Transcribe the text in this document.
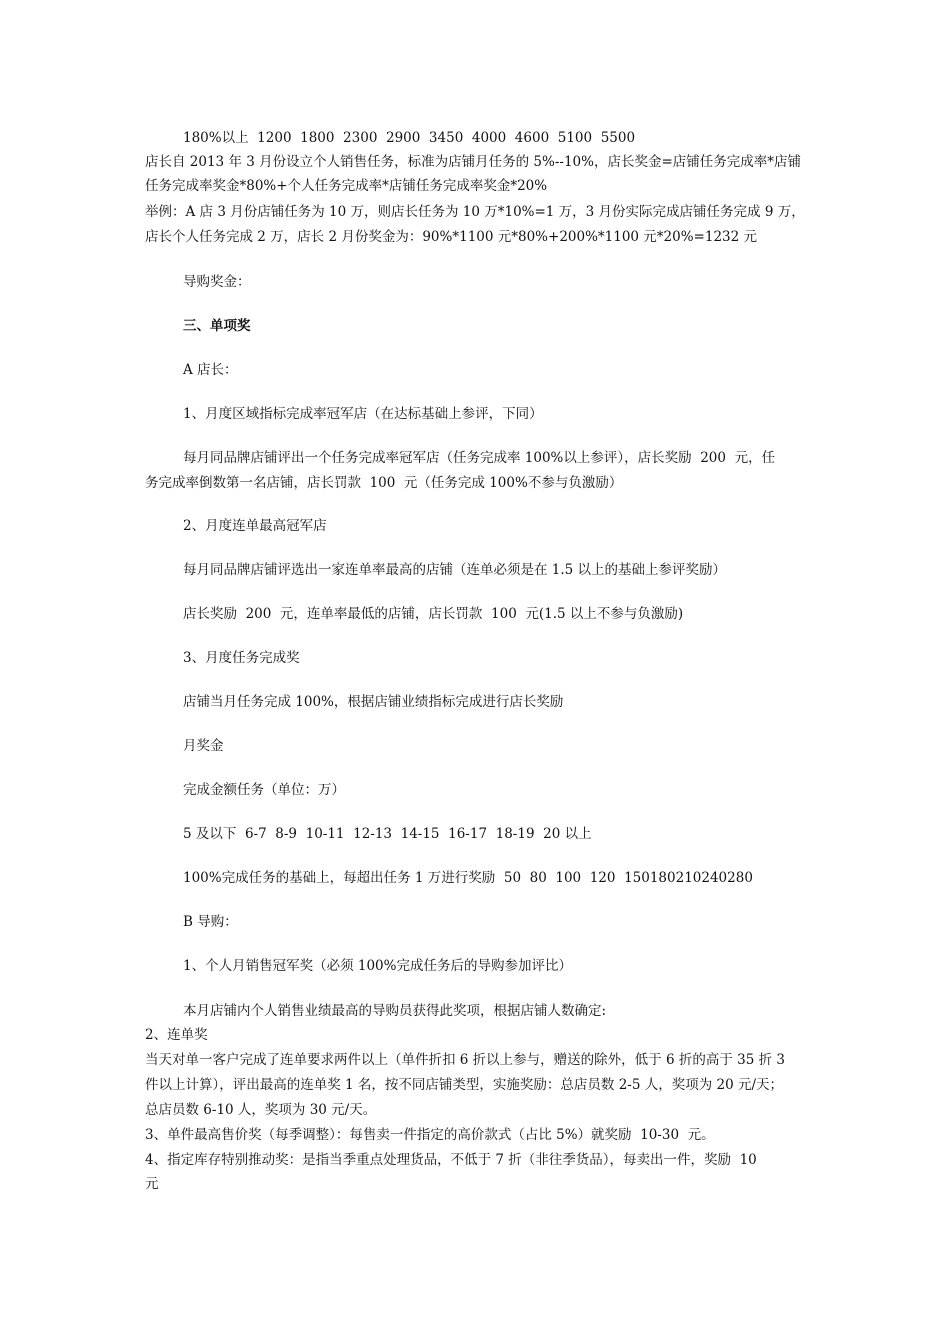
180%以上  1200  1800  2300  2900  3450  4000  4600  5100  5500
店长自 2013 年 3 月份设立个人销售任务，标准为店铺月任务的 5%--10%，店长奖金=店铺任务完成率*店铺
任务完成率奖金*80%+个人任务完成率*店铺任务完成率奖金*20%
举例：A 店 3 月份店铺任务为 10 万，则店长任务为 10 万*10%=1 万，3 月份实际完成店铺任务完成 9 万，
店长个人任务完成 2 万，店长 2 月份奖金为：90%*1100 元*80%+200%*1100 元*20%=1232 元
导购奖金：
三、单项奖
A 店长：
1、月度区域指标完成率冠军店（在达标基础上参评，下同）
每月同品牌店铺评出一个任务完成率冠军店（任务完成率 100%以上参评），店长奖励  200  元，任
务完成率倒数第一名店铺，店长罚款  100  元（任务完成 100%不参与负激励）
2、月度连单最高冠军店
每月同品牌店铺评选出一家连单率最高的店铺（连单必须是在 1.5 以上的基础上参评奖励）
店长奖励  200  元，连单率最低的店铺，店长罚款  100  元(1.5 以上不参与负激励)
3、月度任务完成奖
店铺当月任务完成 100%，根据店铺业绩指标完成进行店长奖励
月奖金
完成金额任务（单位：万）
5 及以下  6-7  8-9  10-11  12-13  14-15  16-17  18-19  20 以上
100%完成任务的基础上，每超出任务 1 万进行奖励  50  80  100  120  150180210240280
B 导购：
1、个人月销售冠军奖（必须 100%完成任务后的导购参加评比）
本月店铺内个人销售业绩最高的导购员获得此奖项，根据店铺人数确定:
2、连单奖
当天对单一客户完成了连单要求两件以上（单件折扣 6 折以上参与，赠送的除外，低于 6 折的高于 35 折 3
件以上计算），评出最高的连单奖 1 名，按不同店铺类型，实施奖励：总店员数 2-5 人，奖项为 20 元/天；
总店员数 6-10 人，奖项为 30 元/天。
3、单件最高售价奖（每季调整）：每售卖一件指定的高价款式（占比 5%）就奖励  10-30  元。
4、指定库存特别推动奖：是指当季重点处理货品，不低于 7 折（非往季货品），每卖出一件，奖励  10
元
